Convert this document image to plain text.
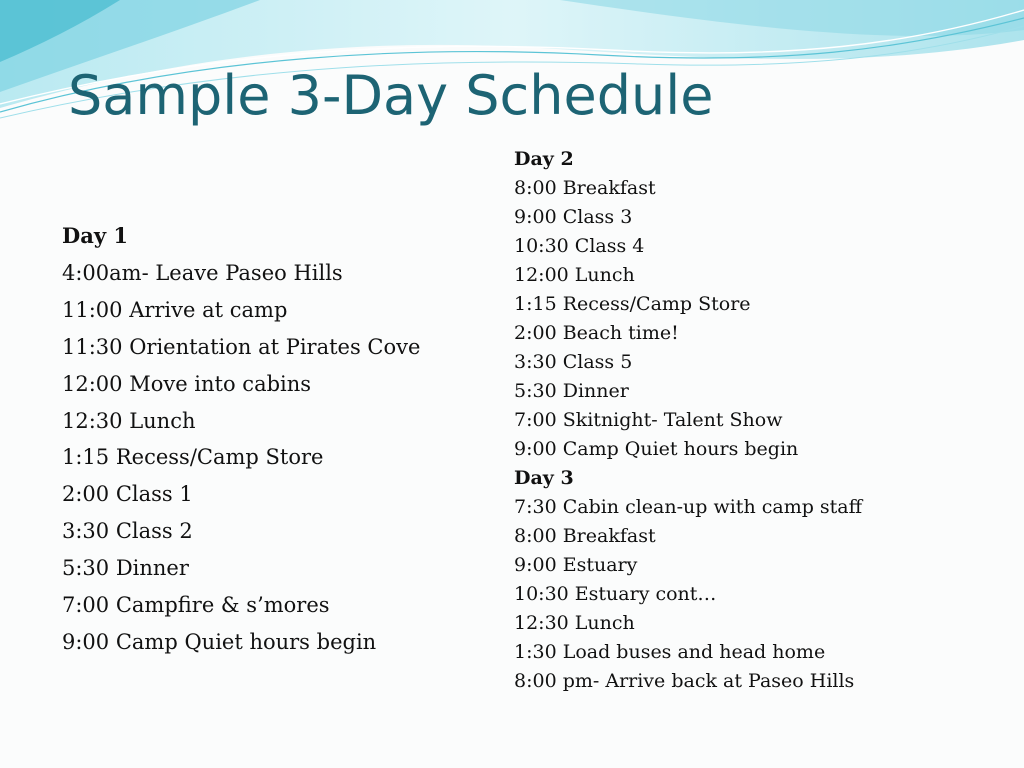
Sample 3-Day Schedule
Day 1
4:00am- Leave Paseo Hills
11:00 Arrive at camp
11:30 Orientation at Pirates Cove
12:00 Move into cabins
12:30 Lunch
1:15 Recess/Camp Store
2:00 Class 1
3:30 Class 2
5:30 Dinner
7:00 Campfire & s’mores
9:00 Camp Quiet hours begin
Day 2
8:00 Breakfast
9:00 Class 3
10:30 Class 4
12:00 Lunch
1:15 Recess/Camp Store
2:00 Beach time!
3:30 Class 5
5:30 Dinner
7:00 Skitnight- Talent Show
9:00 Camp Quiet hours begin
Day 3
7:30 Cabin clean-up with camp staff
8:00 Breakfast
9:00 Estuary
10:30 Estuary cont…
12:30 Lunch
1:30 Load buses and head home
8:00 pm- Arrive back at Paseo Hills
